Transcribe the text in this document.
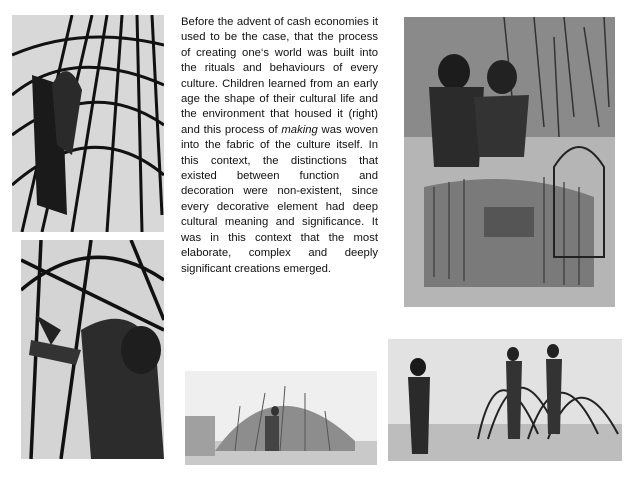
Before the advent of cash economies it used to be the case, that the process of creating one‘s world was built into the rituals and behaviours of every culture. Children learned from an early age the shape of their cultural life and the environment that housed it (right) and this process of making was woven into the fabric of the culture itself. In this context, the distinctions that existed between function and decoration were non-existent, since every decorative element had deep cultural meaning and significance. It was in this context that the most elaborate, complex and deeply significant creations emerged.
